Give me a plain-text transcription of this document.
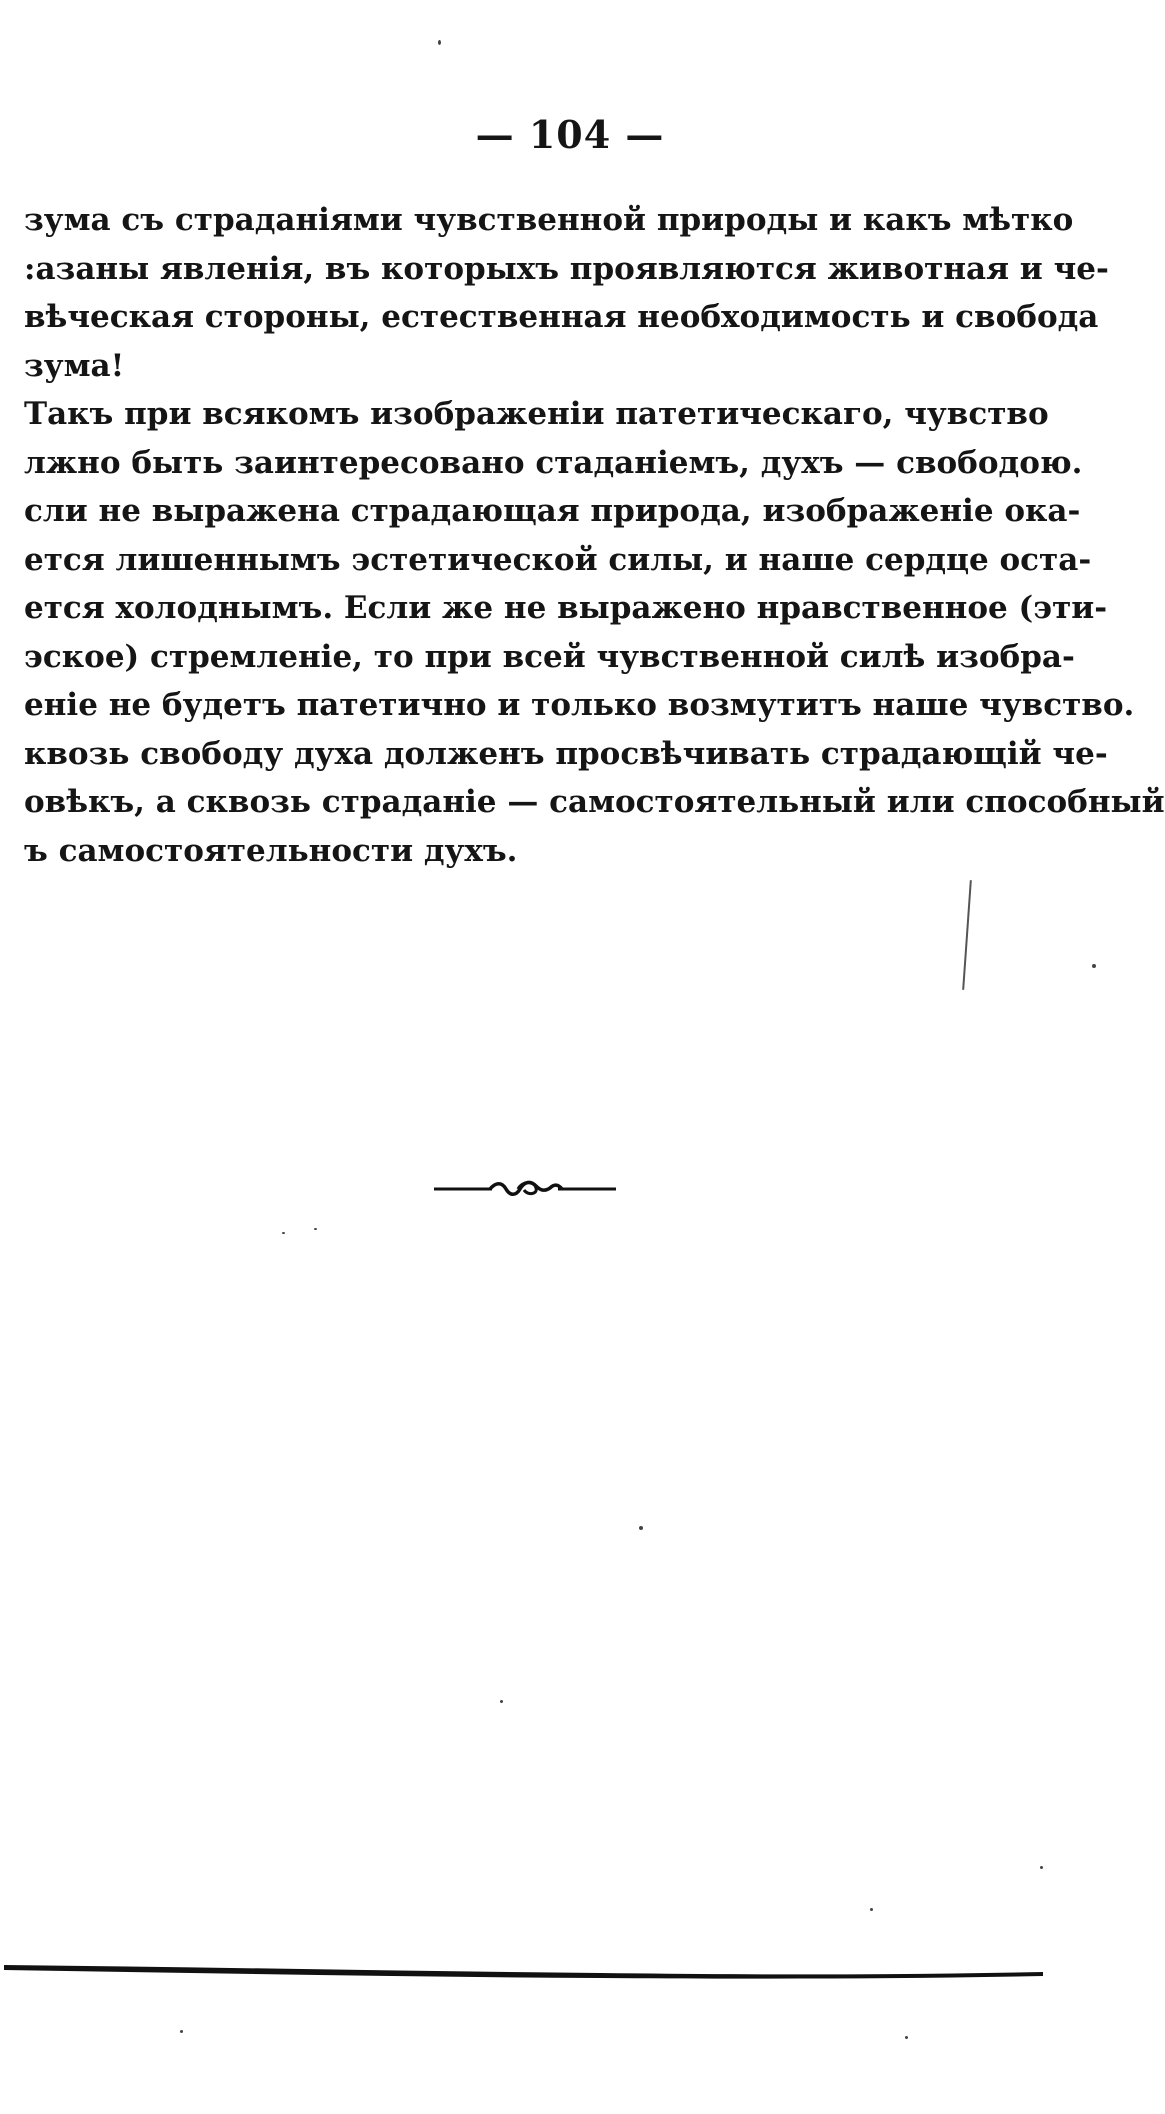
— 104 —
зума съ страданіями чувственной природы и какъ мѣтко
:азаны явленія, въ которыхъ проявляются животная и че-
вѣческая стороны, естественная необходимость и свобода
зума!
Такъ при всякомъ изображеніи патетическаго, чувство
лжно быть заинтересовано стаданіемъ, духъ — свободою.
сли не выражена страдающая природа, изображеніе ока-
ется лишеннымъ эстетической силы, и наше сердце оста-
ется холоднымъ. Если же не выражено нравственное (эти-
эское) стремленіе, то при всей чувственной силѣ изобра-
еніе не будетъ патетично и только возмутитъ наше чувство.
квозь свободу духа долженъ просвѣчивать страдающій че-
овѣкъ, а сквозь страданіе — самостоятельный или способный
ъ самостоятельности духъ.
